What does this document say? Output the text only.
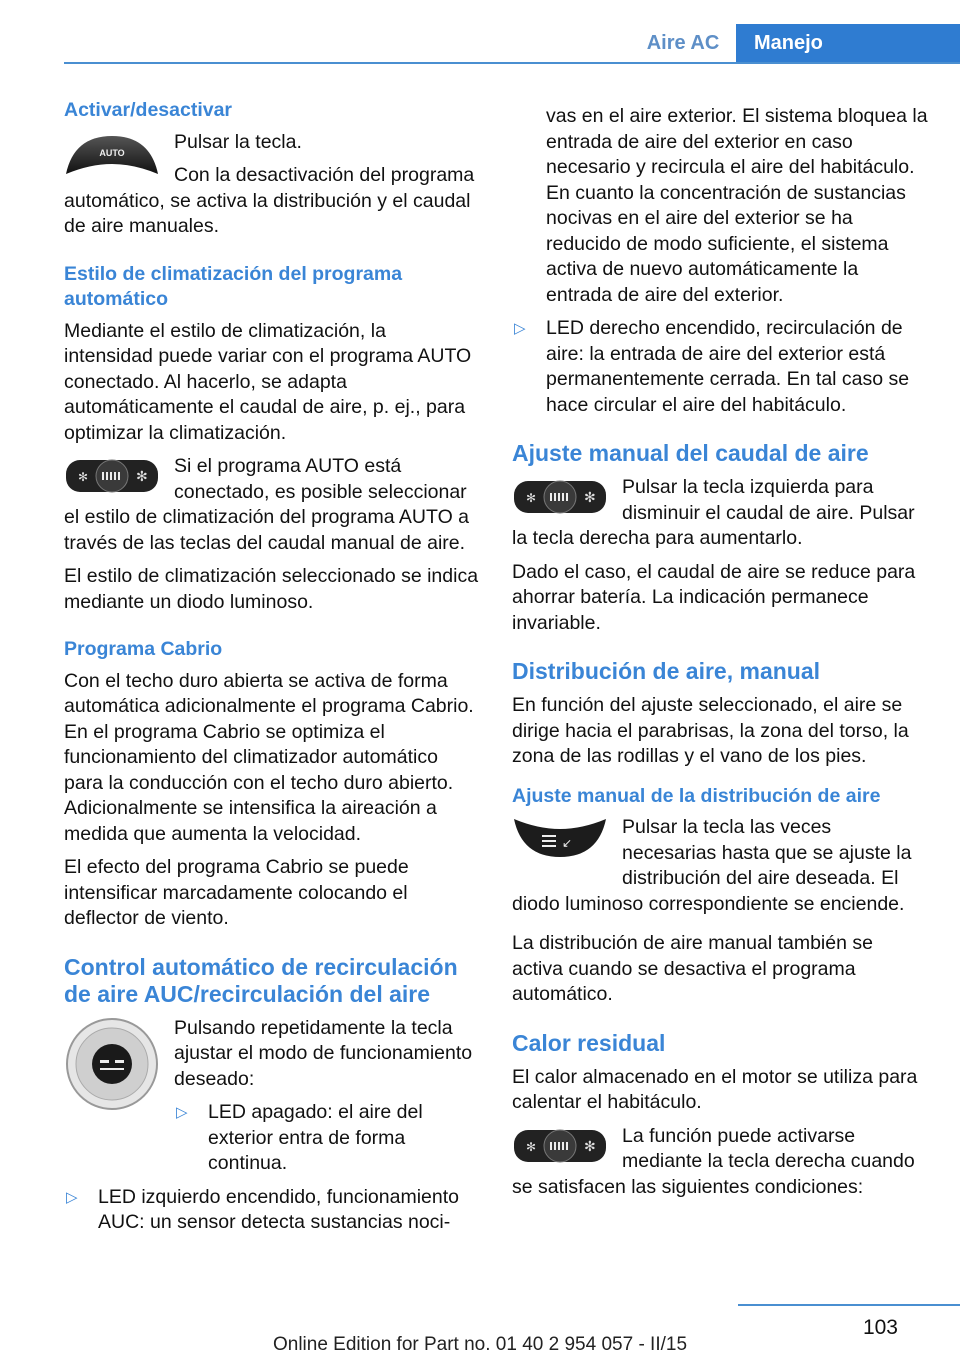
Aire AC	Manejo
Activar/desactivar
AUTO	Pulsar la tecla.

Con la desactivación del programa automático, se activa la distribución y el caudal de aire manuales.

Estilo de climatización del programa automático

Mediante el estilo de climatización, la intensidad puede variar con el programa AUTO conectado. Al hacerlo, se adapta automáticamente el caudal de aire, p. ej., para optimizar la climatización.

✻	✻	Si el programa AUTO está conectado, es posible seleccionar el estilo de climatización del programa AUTO a través de las teclas del caudal manual de aire.

El estilo de climatización seleccionado se indica mediante un diodo luminoso.

Programa Cabrio

Con el techo duro abierta se activa de forma automática adicionalmente el programa Cabrio. En el programa Cabrio se optimiza el funcionamiento del climatizador automático para la conducción con el techo duro abierto. Adicionalmente se intensifica la aireación a medida que aumenta la velocidad.

El efecto del programa Cabrio se puede intensificar marcadamente colocando el deflector de viento.

Control automático de recirculación de aire AUC/recirculación del aire

Pulsando repetidamente la tecla ajustar el modo de funcionamiento deseado:

▷ LED apagado: el aire del exterior entra de forma continua.
▷ LED izquierdo encendido, funcionamiento AUC: un sensor detecta sustancias noci-
vas en el aire exterior. El sistema bloquea la entrada de aire del exterior en caso necesario y recircula el aire del habitáculo. En cuanto la concentración de sustancias nocivas en el aire del exterior se ha reducido de modo suficiente, el sistema activa de nuevo automáticamente la entrada de aire del exterior.
▷ LED derecho encendido, recirculación de aire: la entrada de aire del exterior está permanentemente cerrada. En tal caso se hace circular el aire del habitáculo.
Ajuste manual del caudal de aire
✻	✻	Pulsar la tecla izquierda para disminuir el caudal de aire. Pulsar la tecla derecha para aumentarlo.

Dado el caso, el caudal de aire se reduce para ahorrar batería. La indicación permanece invariable.

Distribución de aire, manual

En función del ajuste seleccionado, el aire se dirige hacia el parabrisas, la zona del torso, la zona de las rodillas y el vano de los pies.

Ajuste manual de la distribución de aire
↙

Pulsar la tecla las veces necesarias hasta que se ajuste la distribución del aire deseada. El diodo luminoso correspondiente se enciende.

La distribución de aire manual también se activa cuando se desactiva el programa automático.

Calor residual

El calor almacenado en el motor se utiliza para calentar el habitáculo.

✻	✻	La función puede activarse mediante la tecla derecha cuando se satisfacen las siguientes condiciones:

103
Online Edition for Part no. 01 40 2 954 057 - II/15
